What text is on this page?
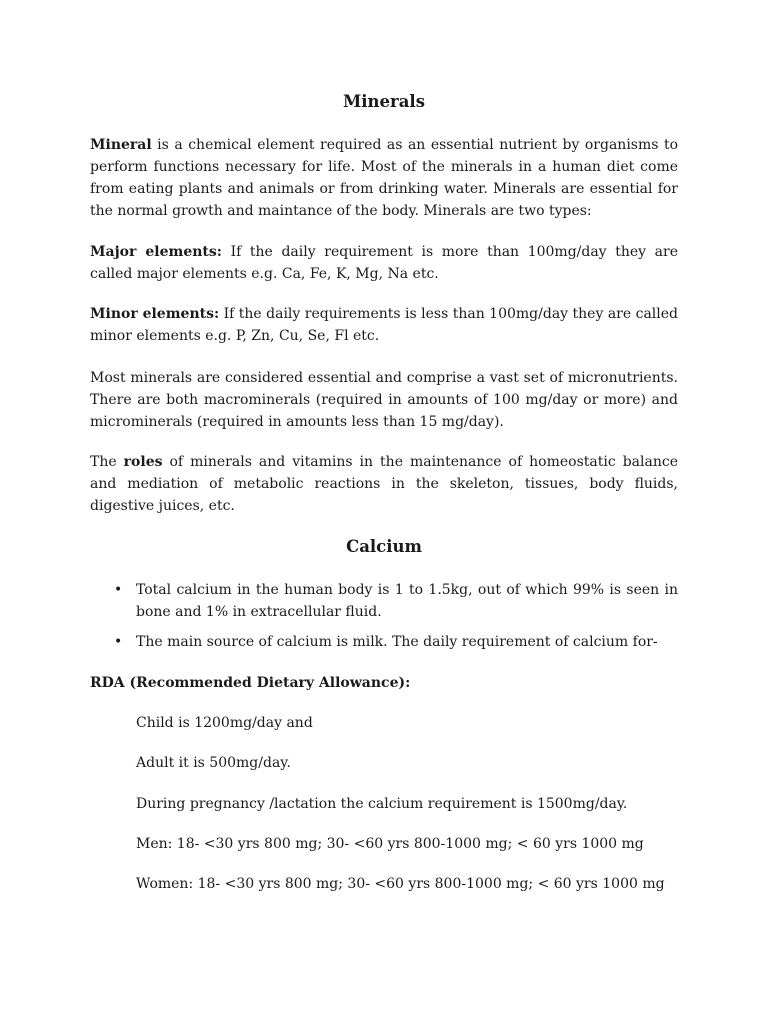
Minerals

Mineral is a chemical element required as an essential nutrient by organisms to perform functions necessary for life. Most of the minerals in a human diet come from eating plants and animals or from drinking water. Minerals are essential for the normal growth and maintance of the body. Minerals are two types:

Major elements: If the daily requirement is more than 100mg/day they are called major elements e.g. Ca, Fe, K, Mg, Na etc.

Minor elements: If the daily requirements is less than 100mg/day they are called minor elements e.g. P, Zn, Cu, Se, Fl etc.

Most minerals are considered essential and comprise a vast set of micronutrients. There are both macrominerals (required in amounts of 100 mg/day or more) and microminerals (required in amounts less than 15 mg/day).

The roles of minerals and vitamins in the maintenance of homeostatic balance and mediation of metabolic reactions in the skeleton, tissues, body fluids, digestive juices, etc.

Calcium
• Total calcium in the human body is 1 to 1.5kg, out of which 99% is seen in bone and 1% in extracellular fluid.
• The main source of calcium is milk. The daily requirement of calcium for-

RDA (Recommended Dietary Allowance):

Child is 1200mg/day and

Adult it is 500mg/day.

During pregnancy /lactation the calcium requirement is 1500mg/day.

Men: 18- <30 yrs 800 mg; 30- <60 yrs 800-1000 mg; < 60 yrs 1000 mg

Women: 18- <30 yrs 800 mg; 30- <60 yrs 800-1000 mg; < 60 yrs 1000 mg
